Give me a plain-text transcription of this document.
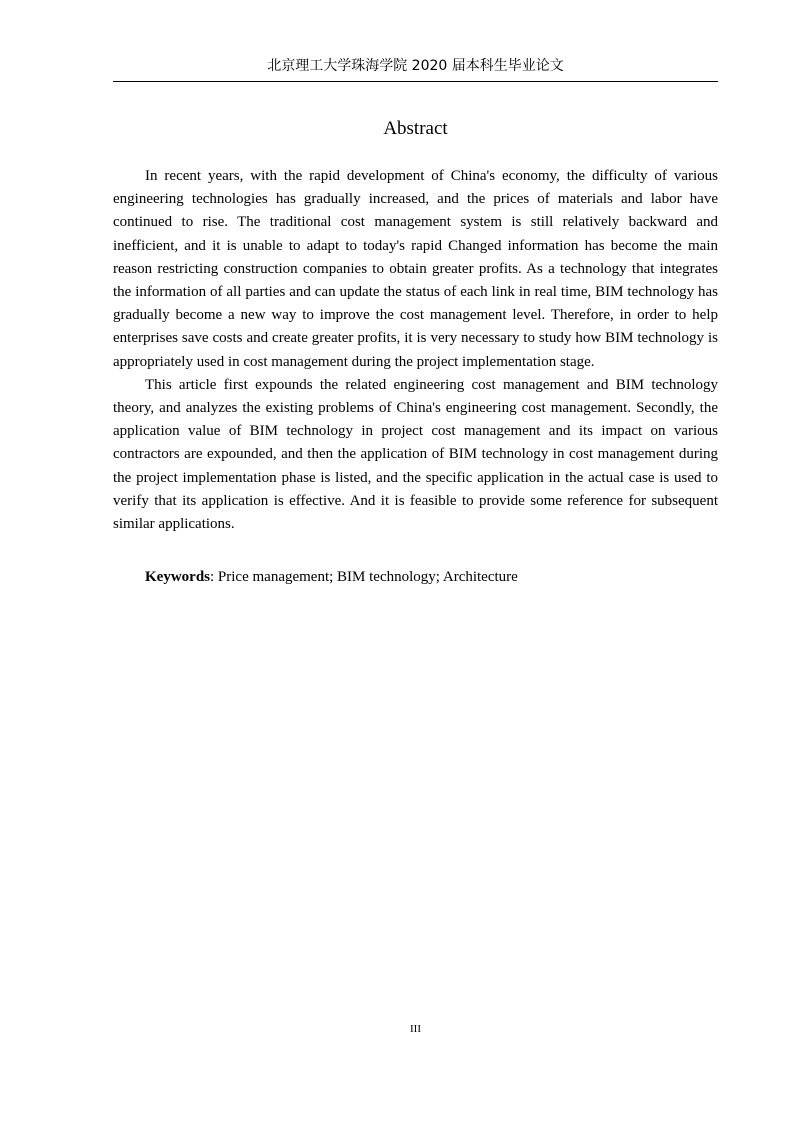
北京理工大学珠海学院 2020 届本科生毕业论文
Abstract

In recent years, with the rapid development of China's economy, the difficulty of various engineering technologies has gradually increased, and the prices of materials and labor have continued to rise. The traditional cost management system is still relatively backward and inefficient, and it is unable to adapt to today's rapid Changed information has become the main reason restricting construction companies to obtain greater profits. As a technology that integrates the information of all parties and can update the status of each link in real time, BIM technology has gradually become a new way to improve the cost management level. Therefore, in order to help enterprises save costs and create greater profits, it is very necessary to study how BIM technology is appropriately used in cost management during the project implementation stage.

This article first expounds the related engineering cost management and BIM technology theory, and analyzes the existing problems of China's engineering cost management. Secondly, the application value of BIM technology in project cost management and its impact on various contractors are expounded, and then the application of BIM technology in cost management during the project implementation phase is listed, and the specific application in the actual case is used to verify that its application is effective. And it is feasible to provide some reference for subsequent similar applications.

Keywords: Price management; BIM technology; Architecture
III
